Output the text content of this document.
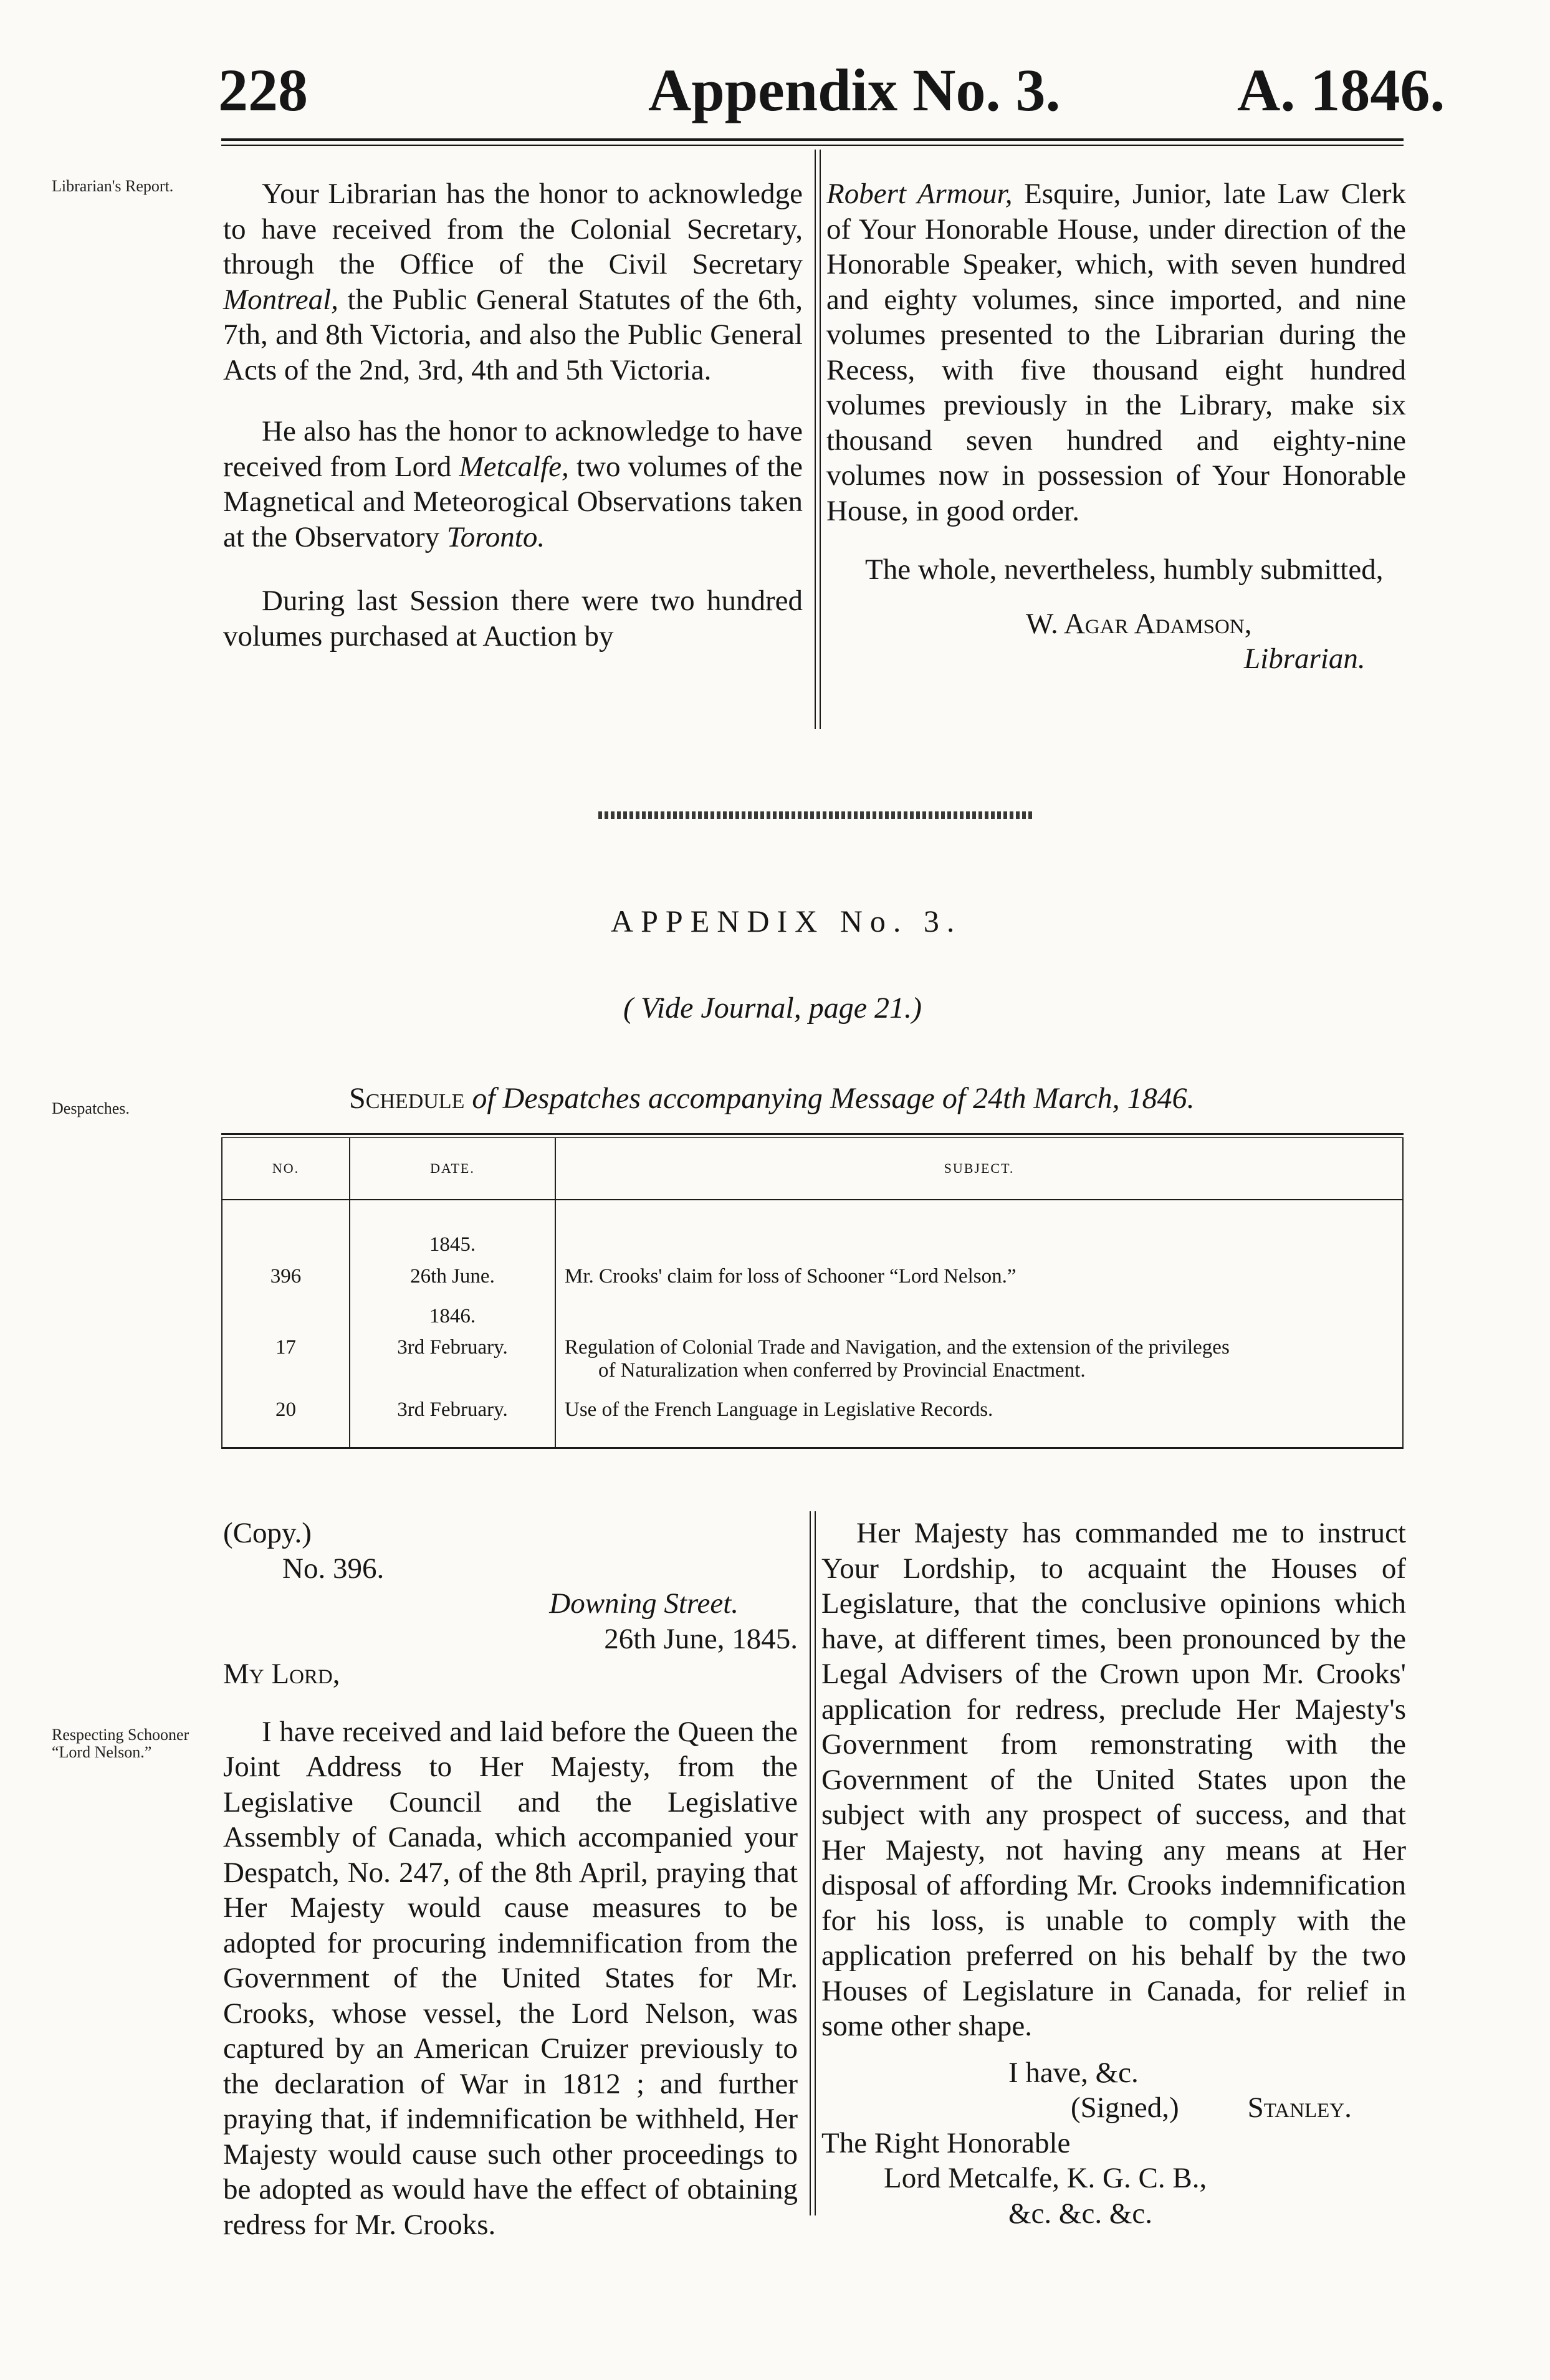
228	Appendix No. 3.	A. 1846.
Librarian's Report.
Despatches.
Respecting Schooner “Lord Nelson.”

Your Librarian has the honor to acknowledge to have received from the Colonial Secretary, through the Office of the Civil Secretary Montreal, the Public General Statutes of the 6th, 7th, and 8th Victoria, and also the Public General Acts of the 2nd, 3rd, 4th and 5th Victoria.

He also has the honor to acknowledge to have received from Lord Metcalfe, two volumes of the Magnetical and Meteorogical Observations taken at the Observatory Toronto.

During last Session there were two hundred volumes purchased at Auction by

Robert Armour, Esquire, Junior, late Law Clerk of Your Honorable House, under direction of the Honorable Speaker, which, with seven hundred and eighty volumes, since imported, and nine volumes presented to the Librarian during the Recess, with five thousand eight hundred volumes previously in the Library, make six thousand seven hundred and eighty-nine volumes now in possession of Your Honorable House, in good order.

The whole, nevertheless, humbly submitted,

W. Agar Adamson,

Librarian.

APPENDIX No. 3.
( Vide Journal, page 21.)
Schedule of Despatches accompanying Message of 24th March, 1846.
NO.	DATE.	SUBJECT.
	1845.	
396	26th June.	Mr. Crooks' claim for loss of Schooner “Lord Nelson.”
	1846.	
17	3rd February.	Regulation of Colonial Trade and Navigation, and the extension of the privileges
of Naturalization when conferred by Provincial Enactment.

20	3rd February.	Use of the French Language in Legislative Records.

(Copy.)

No. 396.

Downing Street.

26th June, 1845.

My Lord,

I have received and laid before the Queen the Joint Address to Her Majesty, from the Legislative Council and the Legislative Assembly of Canada, which accompanied your Despatch, No. 247, of the 8th April, praying that Her Majesty would cause measures to be adopted for procuring indemnification from the Government of the United States for Mr. Crooks, whose vessel, the Lord Nelson, was captured by an American Cruizer previously to the declaration of War in 1812 ; and further praying that, if indemnification be withheld, Her Majesty would cause such other proceedings to be adopted as would have the effect of obtaining redress for Mr. Crooks.

Her Majesty has commanded me to instruct Your Lordship, to acquaint the Houses of Legislature, that the conclusive opinions which have, at different times, been pronounced by the Legal Advisers of the Crown upon Mr. Crooks' application for redress, preclude Her Majesty's Government from remonstrating with the Government of the United States upon the subject with any prospect of success, and that Her Majesty, not having any means at Her disposal of affording Mr. Crooks indemnification for his loss, is unable to comply with the application preferred on his behalf by the two Houses of Legislature in Canada, for relief in some other shape.

I have, &c.

(Signed,) Stanley.

The Right Honorable

Lord Metcalfe, K. G. C. B.,

&c. &c. &c.
